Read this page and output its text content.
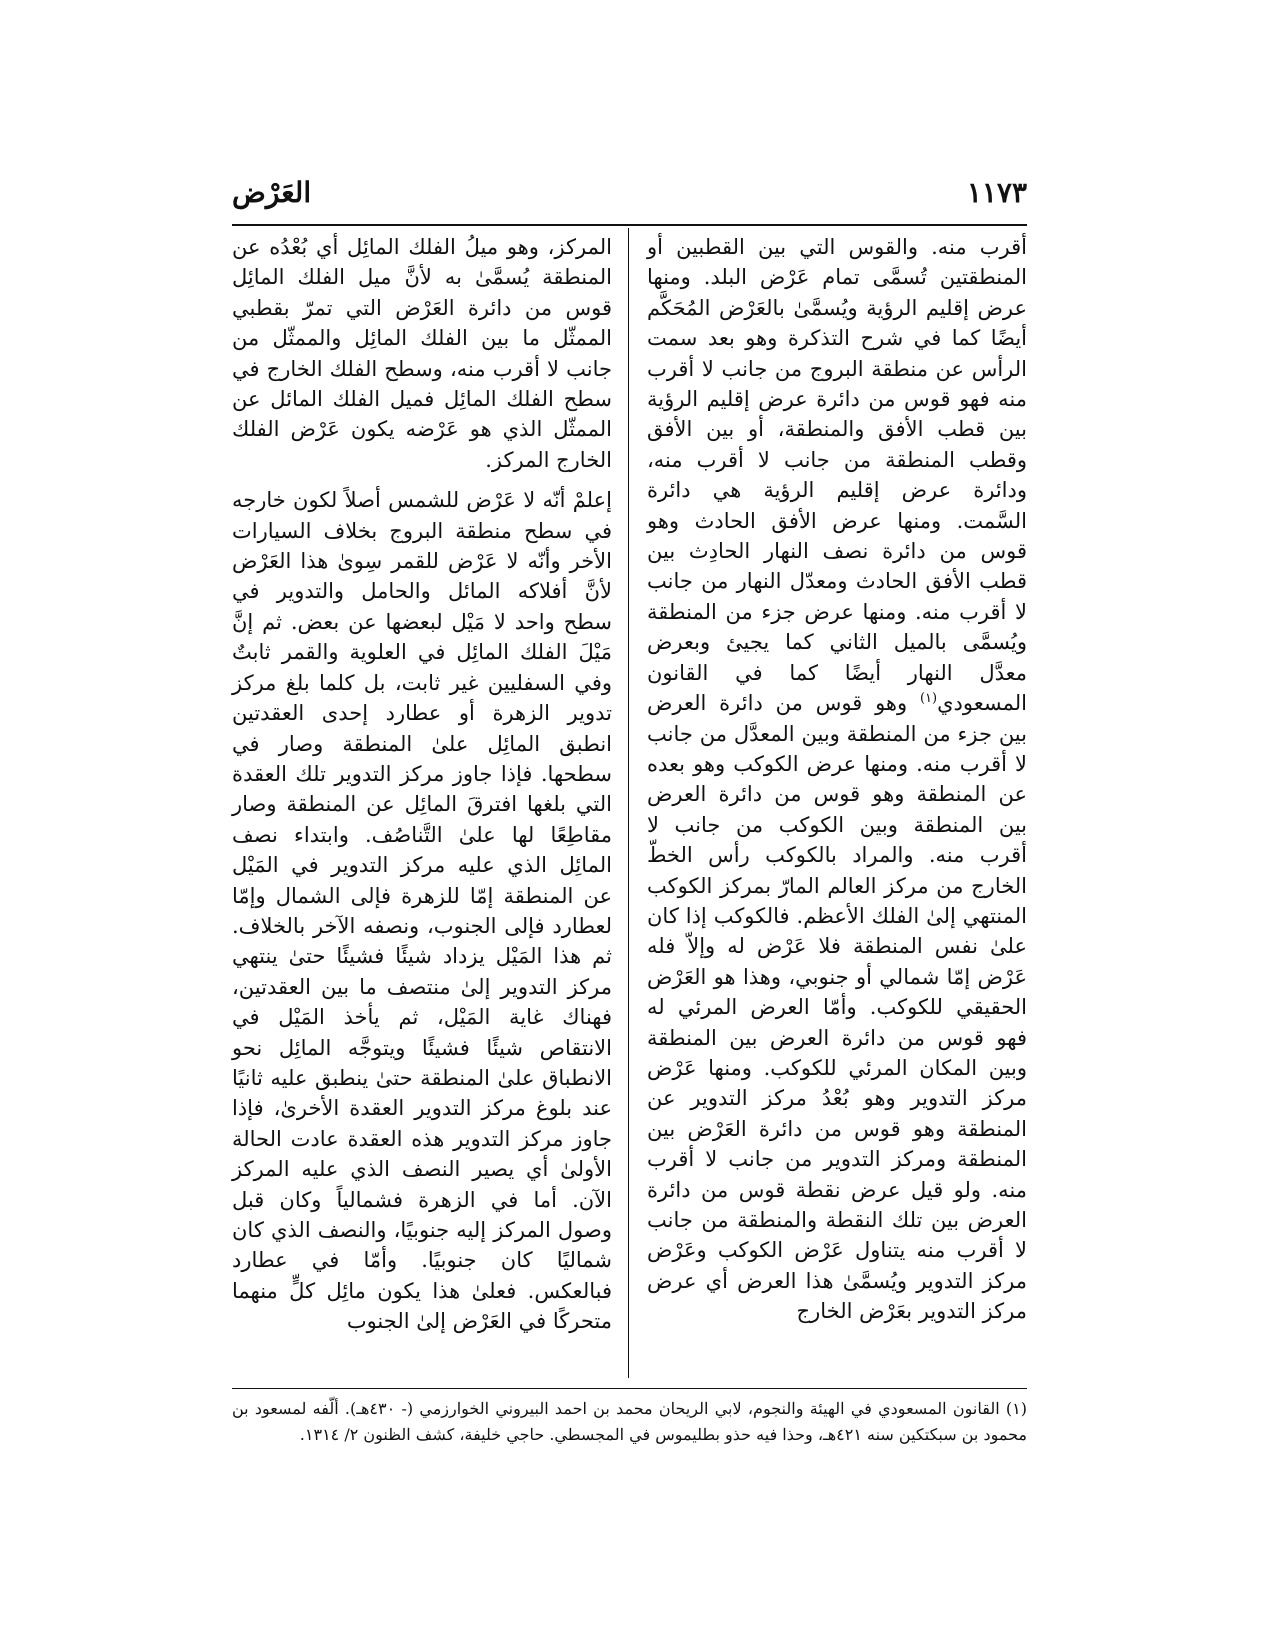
١١٧٣
العَرْض

أقرب منه. والقوس التي بين القطبين أو المنطقتين تُسمَّى تمام عَرْض البلد. ومنها عرض إقليم الرؤية ويُسمَّىٰ بالعَرْض المُحَكَّم أيضًا كما في شرح التذكرة وهو بعد سمت الرأس عن منطقة البروج من جانب لا أقرب منه فهو قوس من دائرة عرض إقليم الرؤية بين قطب الأفق والمنطقة، أو بين الأفق وقطب المنطقة من جانب لا أقرب منه، ودائرة عرض إقليم الرؤية هي دائرة السَّمت. ومنها عرض الأفق الحادث وهو قوس من دائرة نصف النهار الحادِث بين قطب الأفق الحادث ومعدّل النهار من جانب لا أقرب منه. ومنها عرض جزء من المنطقة ويُسمَّى بالميل الثاني كما يجيئ وبعرض معدَّل النهار أيضًا كما في القانون المسعودي$^{(١)}$ وهو قوس من دائرة العرض بين جزء من المنطقة وبين المعدَّل من جانب لا أقرب منه. ومنها عرض الكوكب وهو بعده عن المنطقة وهو قوس من دائرة العرض بين المنطقة وبين الكوكب من جانب لا أقرب منه. والمراد بالكوكب رأس الخطّ الخارج من مركز العالم المارّ بمركز الكوكب المنتهي إلىٰ الفلك الأعظم. فالكوكب إذا كان علىٰ نفس المنطقة فلا عَرْض له وإلاّ فله عَرْض إمّا شمالي أو جنوبي، وهذا هو العَرْض الحقيقي للكوكب. وأمّا العرض المرئي له فهو قوس من دائرة العرض بين المنطقة وبين المكان المرئي للكوكب. ومنها عَرْض مركز التدوير وهو بُعْدُ مركز التدوير عن المنطقة وهو قوس من دائرة العَرْض بين المنطقة ومركز التدوير من جانب لا أقرب منه. ولو قيل عرض نقطة قوس من دائرة العرض بين تلك النقطة والمنطقة من جانب لا أقرب منه يتناول عَرْض الكوكب وعَرْض مركز التدوير ويُسمَّىٰ هذا العرض أي عرض مركز التدوير بعَرْض الخارج

المركز، وهو ميلُ الفلك المائِل أي بُعْدُه عن المنطقة يُسمَّىٰ به لأنَّ ميل الفلك المائِل قوس من دائرة العَرْض التي تمرّ بقطبي الممثّل ما بين الفلك المائِل والممثّل من جانب لا أقرب منه، وسطح الفلك الخارج في سطح الفلك المائِل فميل الفلك المائل عن الممثّل الذي هو عَرْضه يكون عَرْض الفلك الخارج المركز.

إعلمْ أنّه لا عَرْض للشمس أصلاً لكون خارجه في سطح منطقة البروج بخلاف السيارات الأخر وأنّه لا عَرْض للقمر سِوىٰ هذا العَرْض لأنَّ أفلاكه المائل والحامل والتدوير في سطح واحد لا مَيْل لبعضها عن بعض. ثم إنَّ مَيْلَ الفلك المائِل في العلوية والقمر ثابتٌ وفي السفليين غير ثابت، بل كلما بلغ مركز تدوير الزهرة أو عطارد إحدى العقدتين انطبق المائِل علىٰ المنطقة وصار في سطحها. فإذا جاوز مركز التدوير تلك العقدة التي بلغها افترقَ المائِل عن المنطقة وصار مقاطِعًا لها علىٰ التَّناصُف. وابتداء نصف المائِل الذي عليه مركز التدوير في المَيْل عن المنطقة إمّا للزهرة فإلى الشمال وإمّا لعطارد فإلى الجنوب، ونصفه الآخر بالخلاف. ثم هذا المَيْل يزداد شيئًا فشيئًا حتىٰ ينتهي مركز التدوير إلىٰ منتصف ما بين العقدتين، فهناك غاية المَيْل، ثم يأخذ المَيْل في الانتقاص شيئًا فشيئًا ويتوجَّه المائِل نحو الانطباق علىٰ المنطقة حتىٰ ينطبق عليه ثانيًا عند بلوغ مركز التدوير العقدة الأخرىٰ، فإذا جاوز مركز التدوير هذه العقدة عادت الحالة الأولىٰ أي يصير النصف الذي عليه المركز الآن. أما في الزهرة فشمالياً وكان قبل وصول المركز إليه جنوبيًا، والنصف الذي كان شماليًا كان جنوبيًا. وأمّا في عطارد فبالعكس. فعلىٰ هذا يكون مائِل كلٍّ منهما متحركًا في العَرْض إلىٰ الجنوب

(١) القانون المسعودي في الهيئة والنجوم، لابي الريحان محمد بن احمد البيروني الخوارزمي (- ٤٣٠هـ). ألّفه لمسعود بن محمود بن سبكتكين سنه ٤٢١هـ، وحذا فيه حذو بطليموس في المجسطي. حاجي خليفة، كشف الظنون ٢/ ١٣١٤.
